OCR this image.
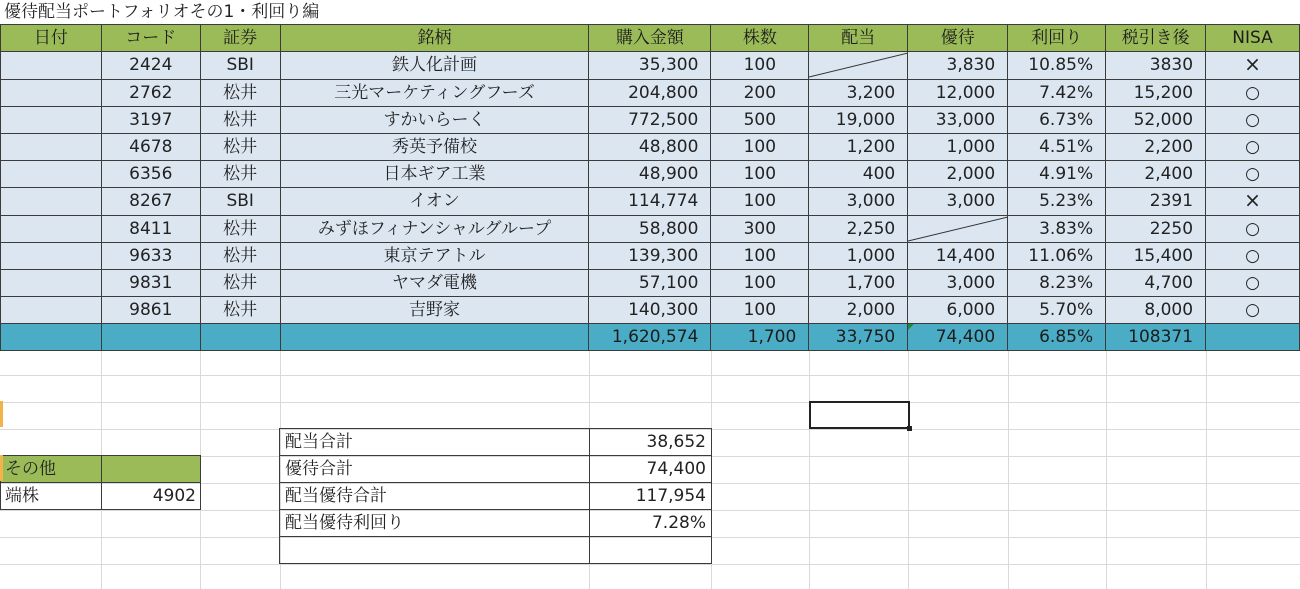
優待配当ポートフォリオその1・利回り編
日付	コード	証券	銘柄	購入金額	株数	配当	優待	利回り	税引き後	NISA
	2424	SBI	鉄人化計画	35,300	100		3,830	10.85%	3830	×
	2762	松井	三光マーケティングフーズ	204,800	200	3,200	12,000	7.42%	15,200	○
	3197	松井	すかいらーく	772,500	500	19,000	33,000	6.73%	52,000	○
	4678	松井	秀英予備校	48,800	100	1,200	1,000	4.51%	2,200	○
	6356	松井	日本ギア工業	48,900	100	400	2,000	4.91%	2,400	○
	8267	SBI	イオン	114,774	100	3,000	3,000	5.23%	2391	×
	8411	松井	みずほフィナンシャルグループ	58,800	300	2,250		3.83%	2250	○
	9633	松井	東京テアトル	139,300	100	1,000	14,400	11.06%	15,400	○
	9831	松井	ヤマダ電機	57,100	100	1,700	3,000	8.23%	4,700	○
	9861	松井	吉野家	140,300	100	2,000	6,000	5.70%	8,000	○
				1,620,574	1,700	33,750	74,400	6.85%	108371	
その他	
端株	4902
配当合計	38,652
優待合計	74,400
配当優待合計	117,954
配当優待利回り	7.28%
